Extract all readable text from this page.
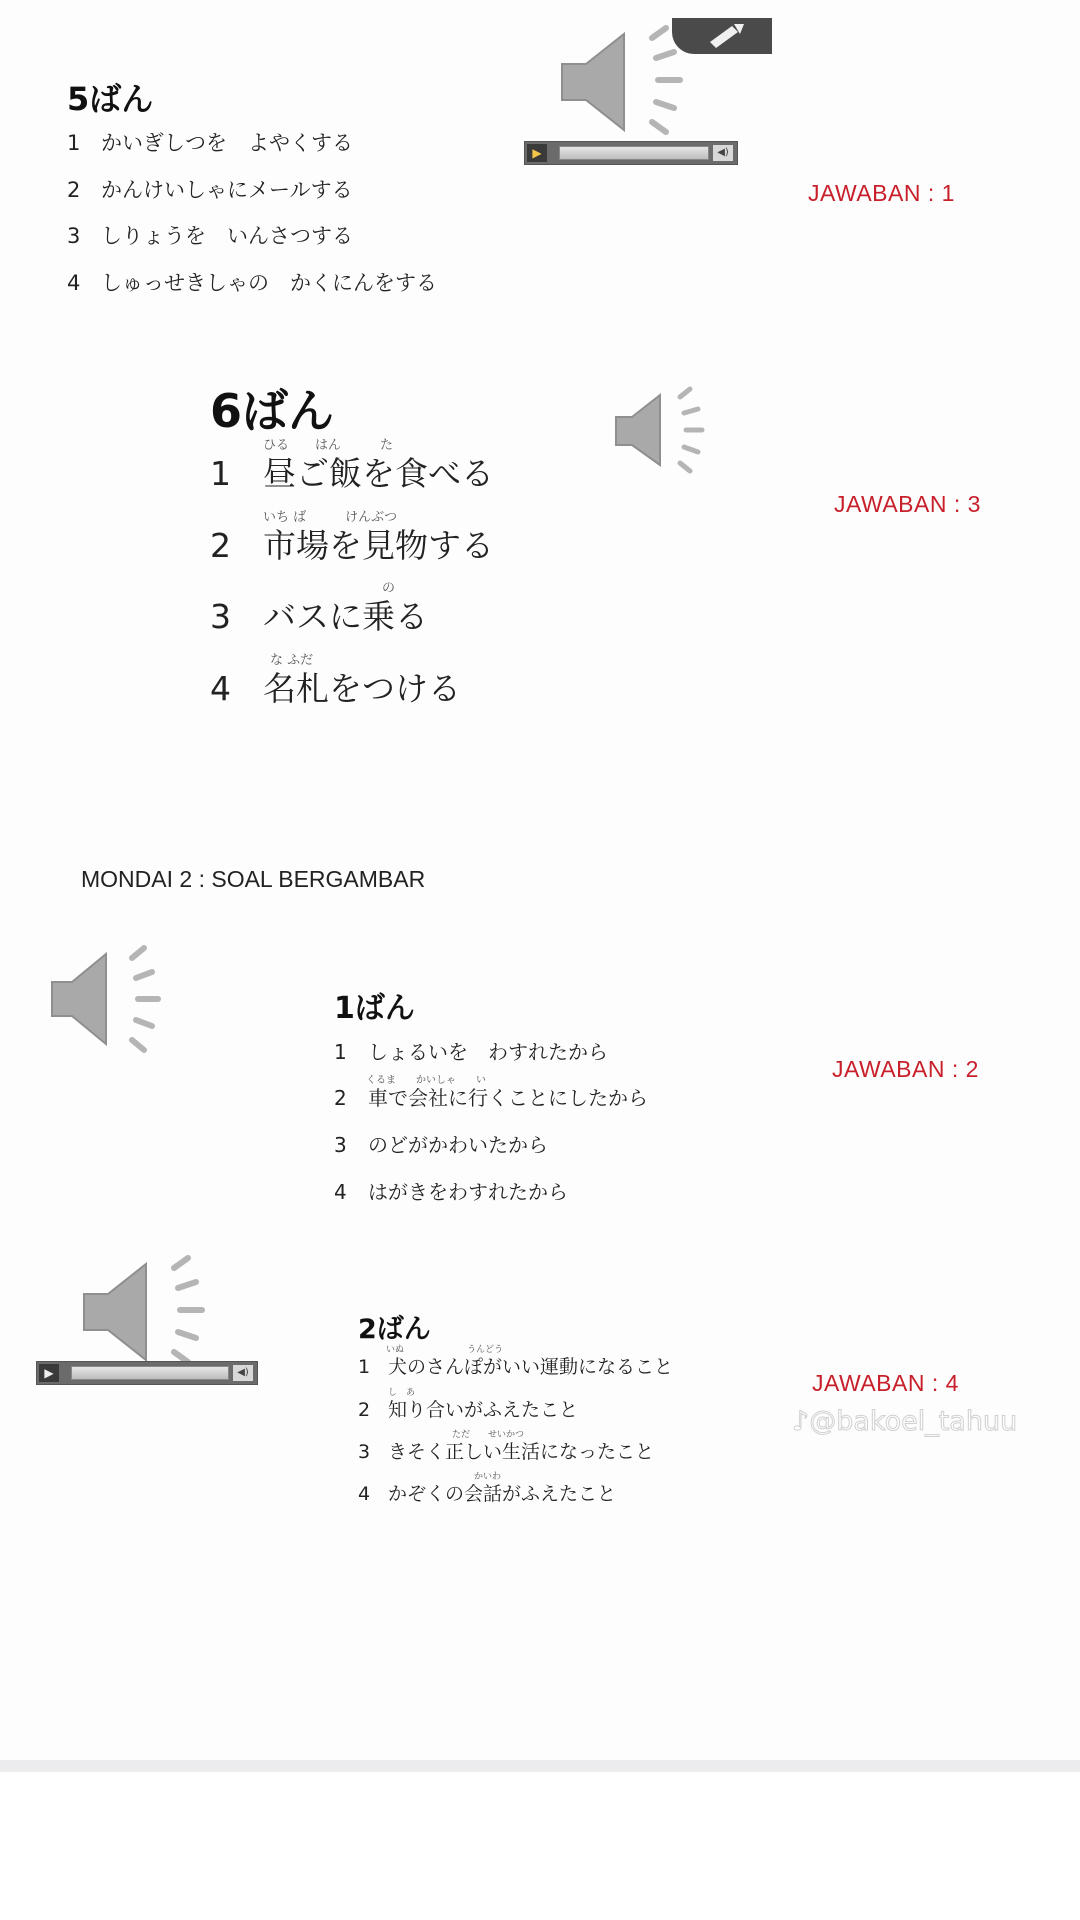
5ばん
1 かいぎしつを　よやくする
2 かんけいしゃにメールする
3 しりょうを　いんさつする
4 しゅっせきしゃの　かくにんをする
▶	◀)
JAWABAN : 1
6ばん
ひる　　はん　　　た
1 昼ご飯を食べる
いち ば　　　けんぶつ
2 市場を見物する
の
3 バスに乗る
な ふだ
4 名札をつける
JAWABAN : 3
MONDAI 2 : SOAL BERGAMBAR
1ばん
1 しょるいを　わすれたから
くるま　　かいしゃ　　い
2 車で会社に行くことにしたから
3 のどがかわいたから
4 はがきをわすれたから
JAWABAN : 2
▶	◀)
2ばん
いぬ　　　　　　　うんどう
1 犬のさんぽがいい運動になること
し　あ
2 知り合いがふえたこと
ただ　　せいかつ
3 きそく正しい生活になったこと
かいわ
4 かぞくの会話がふえたこと
JAWABAN : 4
♪@bakoel_tahuu
